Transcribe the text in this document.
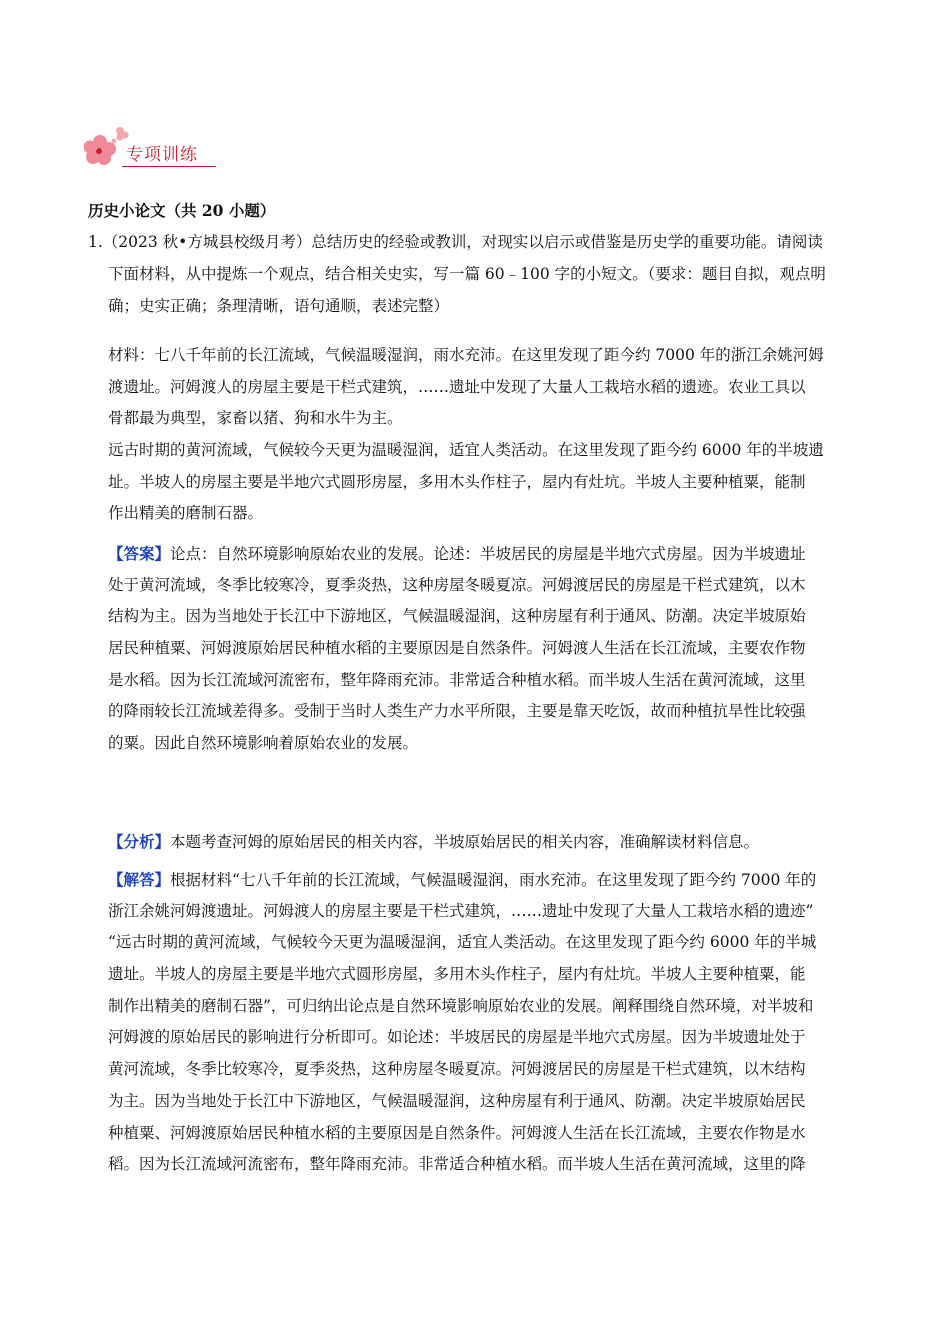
专项训练
历史小论文（共 20 小题）
1.（2023 秋•方城县校级月考）总结历史的经验或教训，对现实以启示或借鉴是历史学的重要功能。请阅读
下面材料，从中提炼一个观点，结合相关史实，写一篇 60﹣100 字的小短文。（要求：题目自拟，观点明
确；史实正确；条理清晰，语句通顺，表述完整）
材料：七八千年前的长江流域，气候温暖湿润，雨水充沛。在这里发现了距今约 7000 年的浙江余姚河姆
渡遗址。河姆渡人的房屋主要是干栏式建筑，……遗址中发现了大量人工栽培水稻的遗迹。农业工具以
骨都最为典型，家畜以猪、狗和水牛为主。
远古时期的黄河流域，气候较今天更为温暖湿润，适宜人类活动。在这里发现了距今约 6000 年的半坡遗
址。半坡人的房屋主要是半地穴式圆形房屋，多用木头作柱子，屋内有灶坑。半坡人主要种植粟，能制
作出精美的磨制石器。
【答案】论点：自然环境影响原始农业的发展。论述：半坡居民的房屋是半地穴式房屋。因为半坡遗址
处于黄河流域，冬季比较寒冷，夏季炎热，这种房屋冬暖夏凉。河姆渡居民的房屋是干栏式建筑，以木
结构为主。因为当地处于长江中下游地区，气候温暖湿润，这种房屋有利于通风、防潮。决定半坡原始
居民种植粟、河姆渡原始居民种植水稻的主要原因是自然条件。河姆渡人生活在长江流域，主要农作物
是水稻。因为长江流域河流密布，整年降雨充沛。非常适合种植水稻。而半坡人生活在黄河流域，这里
的降雨较长江流域差得多。受制于当时人类生产力水平所限，主要是靠天吃饭，故而种植抗旱性比较强
的粟。因此自然环境影响着原始农业的发展。
【分析】本题考查河姆的原始居民的相关内容，半坡原始居民的相关内容，准确解读材料信息。
【解答】根据材料“七八千年前的长江流域，气候温暖湿润，雨水充沛。在这里发现了距今约 7000 年的
浙江余姚河姆渡遗址。河姆渡人的房屋主要是干栏式建筑，……遗址中发现了大量人工栽培水稻的遗迹”
“远古时期的黄河流域，气候较今天更为温暖湿润，适宜人类活动。在这里发现了距今约 6000 年的半城
遗址。半坡人的房屋主要是半地穴式圆形房屋，多用木头作柱子，屋内有灶坑。半坡人主要种植粟，能
制作出精美的磨制石器”，可归纳出论点是自然环境影响原始农业的发展。阐释围绕自然环境，对半坡和
河姆渡的原始居民的影响进行分析即可。如论述：半坡居民的房屋是半地穴式房屋。因为半坡遗址处于
黄河流域，冬季比较寒冷，夏季炎热，这种房屋冬暖夏凉。河姆渡居民的房屋是干栏式建筑，以木结构
为主。因为当地处于长江中下游地区，气候温暖湿润，这种房屋有利于通风、防潮。决定半坡原始居民
种植粟、河姆渡原始居民种植水稻的主要原因是自然条件。河姆渡人生活在长江流域，主要农作物是水
稻。因为长江流域河流密布，整年降雨充沛。非常适合种植水稻。而半坡人生活在黄河流域，这里的降
